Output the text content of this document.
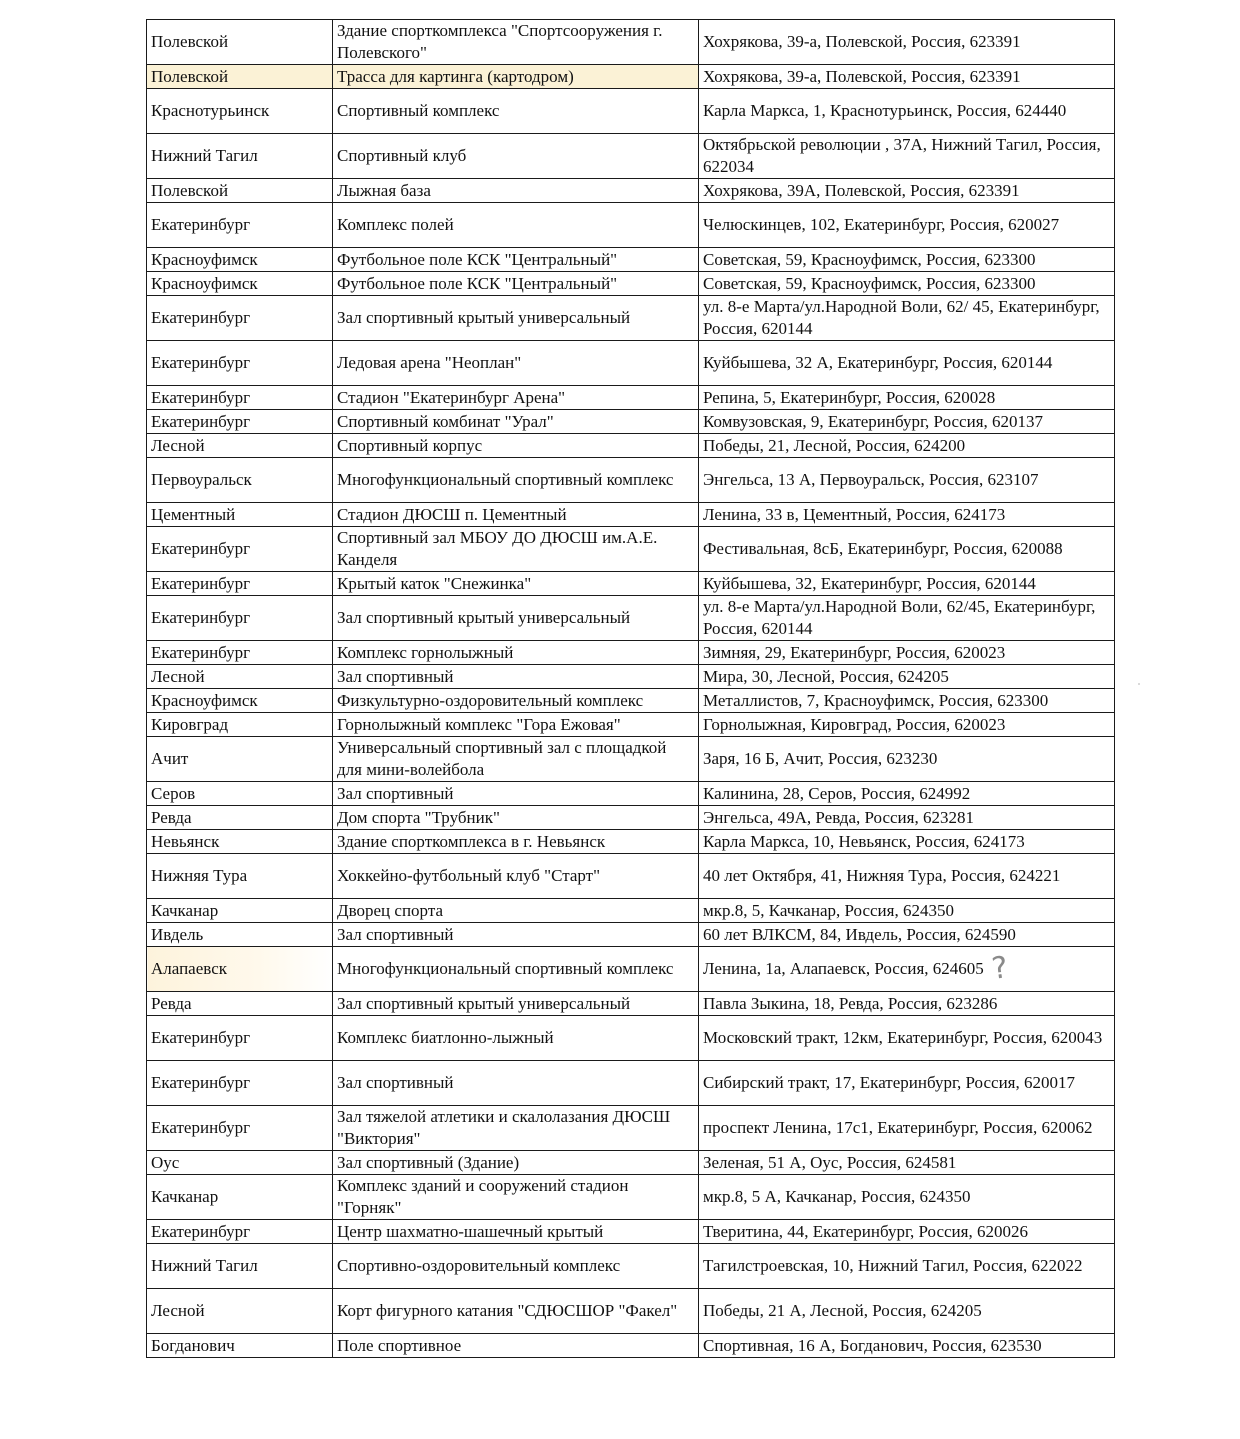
Полевской	Здание спорткомплекса "Спортсооружения г. Полевского"	Хохрякова, 39-а, Полевской, Россия, 623391
Полевской	Трасса для картинга (картодром)	Хохрякова, 39-а, Полевской, Россия, 623391
Краснотурьинск	Спортивный комплекс	Карла Маркса, 1, Краснотурьинск, Россия, 624440
Нижний Тагил	Спортивный клуб	Октябрьской революции , 37А, Нижний Тагил, Россия, 622034
Полевской	Лыжная база	Хохрякова, 39А, Полевской, Россия, 623391
Екатеринбург	Комплекс полей	Челюскинцев, 102, Екатеринбург, Россия, 620027
Красноуфимск	Футбольное поле КСК "Центральный"	Советская, 59, Красноуфимск, Россия, 623300
Красноуфимск	Футбольное поле КСК "Центральный"	Советская, 59, Красноуфимск, Россия, 623300
Екатеринбург	Зал спортивный крытый универсальный	ул. 8-е Марта/ул.Народной Воли, 62/ 45, Екатеринбург, Россия, 620144
Екатеринбург	Ледовая арена "Неоплан"	Куйбышева, 32 А, Екатеринбург, Россия, 620144
Екатеринбург	Стадион "Екатеринбург Арена"	Репина, 5, Екатеринбург, Россия, 620028
Екатеринбург	Спортивный комбинат "Урал"	Комвузовская, 9, Екатеринбург, Россия, 620137
Лесной	Спортивный корпус	Победы, 21, Лесной, Россия, 624200
Первоуральск	Многофункциональный спортивный комплекс	Энгельса, 13 А, Первоуральск, Россия, 623107
Цементный	Стадион ДЮСШ п. Цементный	Ленина, 33 в, Цементный, Россия, 624173
Екатеринбург	Спортивный зал МБОУ ДО ДЮСШ им.А.Е. Канделя	Фестивальная, 8сБ, Екатеринбург, Россия, 620088
Екатеринбург	Крытый каток "Снежинка"	Куйбышева, 32, Екатеринбург, Россия, 620144
Екатеринбург	Зал спортивный крытый универсальный	ул. 8-е Марта/ул.Народной Воли, 62/45, Екатеринбург, Россия, 620144
Екатеринбург	Комплекс горнолыжный	Зимняя, 29, Екатеринбург, Россия, 620023
Лесной	Зал спортивный	Мира, 30, Лесной, Россия, 624205
Красноуфимск	Физкультурно-оздоровительный комплекс	Металлистов, 7, Красноуфимск, Россия, 623300
Кировград	Горнолыжный комплекс "Гора Ежовая"	Горнолыжная, Кировград, Россия, 620023
Ачит	Универсальный спортивный зал с площадкой для мини-волейбола	Заря, 16 Б, Ачит, Россия, 623230
Серов	Зал спортивный	Калинина, 28, Серов, Россия, 624992
Ревда	Дом спорта "Трубник"	Энгельса, 49А, Ревда, Россия, 623281
Невьянск	Здание спорткомплекса в г. Невьянск	Карла Маркса, 10, Невьянск, Россия, 624173
Нижняя Тура	Хоккейно-футбольный клуб "Старт"	40 лет Октября, 41, Нижняя Тура, Россия, 624221
Качканар	Дворец спорта	мкр.8, 5, Качканар, Россия, 624350
Ивдель	Зал спортивный	60 лет ВЛКСМ, 84, Ивдель, Россия, 624590
Алапаевск	Многофункциональный спортивный комплекс	Ленина, 1а, Алапаевск, Россия, 624605 ?
Ревда	Зал спортивный крытый универсальный	Павла Зыкина, 18, Ревда, Россия, 623286
Екатеринбург	Комплекс биатлонно-лыжный	Московский тракт, 12км, Екатеринбург, Россия, 620043
Екатеринбург	Зал спортивный	Сибирский тракт, 17, Екатеринбург, Россия, 620017
Екатеринбург	Зал тяжелой атлетики и скалолазания ДЮСШ "Виктория"	проспект Ленина, 17с1, Екатеринбург, Россия, 620062
Оус	Зал спортивный (Здание)	Зеленая, 51 А, Оус, Россия, 624581
Качканар	Комплекс зданий и сооружений стадион "Горняк"	мкр.8, 5 А, Качканар, Россия, 624350
Екатеринбург	Центр шахматно-шашечный крытый	Тверитина, 44, Екатеринбург, Россия, 620026
Нижний Тагил	Спортивно-оздоровительный комплекс	Тагилстроевская, 10, Нижний Тагил, Россия, 622022
Лесной	Корт фигурного катания "СДЮСШОР "Факел"	Победы, 21 А, Лесной, Россия, 624205
Богданович	Поле спортивное	Спортивная, 16 А, Богданович, Россия, 623530
